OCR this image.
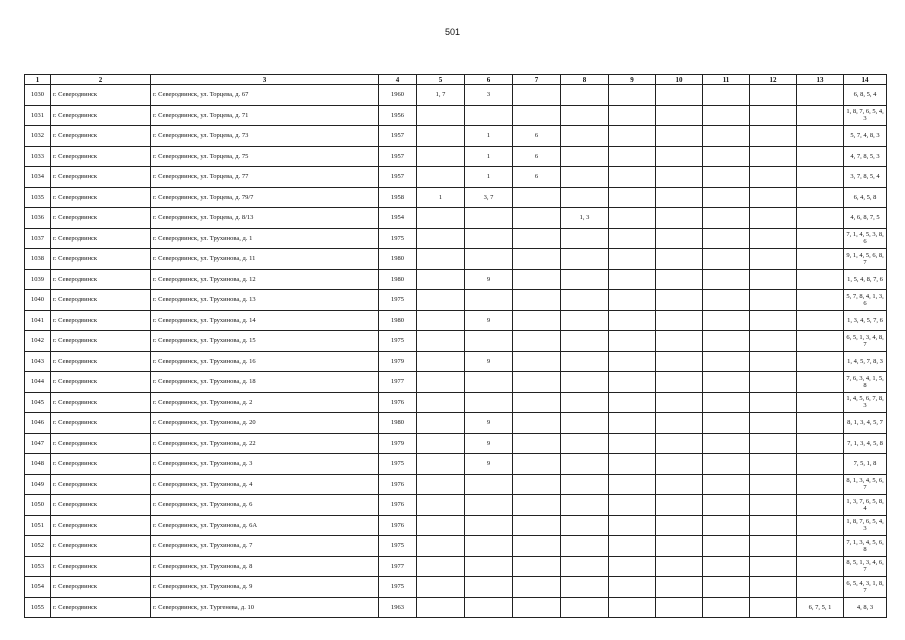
501
1	2	3	4	5	6	7	8	9	10	11	12	13	14
1030	г. Северодвинск	г. Северодвинск, ул. Торцева, д. 67	1960	1, 7	3								6, 8, 5, 4
1031	г. Северодвинск	г. Северодвинск, ул. Торцева, д. 71	1956										1, 8, 7, 6, 5, 4, 3
1032	г. Северодвинск	г. Северодвинск, ул. Торцева, д. 73	1957		1	6							5, 7, 4, 8, 3
1033	г. Северодвинск	г. Северодвинск, ул. Торцева, д. 75	1957		1	6							4, 7, 8, 5, 3
1034	г. Северодвинск	г. Северодвинск, ул. Торцева, д. 77	1957		1	6							3, 7, 8, 5, 4
1035	г. Северодвинск	г. Северодвинск, ул. Торцева, д. 79/7	1958	1	3, 7								6, 4, 5, 8
1036	г. Северодвинск	г. Северодвинск, ул. Торцева, д. 8/13	1954				1, 3						4, 6, 8, 7, 5
1037	г. Северодвинск	г. Северодвинск, ул. Трухинова, д. 1	1975										7, 1, 4, 5, 3, 8, 6
1038	г. Северодвинск	г. Северодвинск, ул. Трухинова, д. 11	1980										9, 1, 4, 5, 6, 8, 7
1039	г. Северодвинск	г. Северодвинск, ул. Трухинова, д. 12	1980		9								1, 5, 4, 8, 7, 6
1040	г. Северодвинск	г. Северодвинск, ул. Трухинова, д. 13	1975										5, 7, 8, 4, 1, 3, 6
1041	г. Северодвинск	г. Северодвинск, ул. Трухинова, д. 14	1980		9								1, 3, 4, 5, 7, 6
1042	г. Северодвинск	г. Северодвинск, ул. Трухинова, д. 15	1975										6, 5, 1, 3, 4, 8, 7
1043	г. Северодвинск	г. Северодвинск, ул. Трухинова, д. 16	1979		9								1, 4, 5, 7, 8, 3
1044	г. Северодвинск	г. Северодвинск, ул. Трухинова, д. 18	1977										7, 6, 3, 4, 1, 5, 8
1045	г. Северодвинск	г. Северодвинск, ул. Трухинова, д. 2	1976										1, 4, 5, 6, 7, 8, 3
1046	г. Северодвинск	г. Северодвинск, ул. Трухинова, д. 20	1980		9								8, 1, 3, 4, 5, 7
1047	г. Северодвинск	г. Северодвинск, ул. Трухинова, д. 22	1979		9								7, 1, 3, 4, 5, 8
1048	г. Северодвинск	г. Северодвинск, ул. Трухинова, д. 3	1975		9								7, 5, 1, 8
1049	г. Северодвинск	г. Северодвинск, ул. Трухинова, д. 4	1976										8, 1, 3, 4, 5, 6, 7
1050	г. Северодвинск	г. Северодвинск, ул. Трухинова, д. 6	1976										1, 3, 7, 6, 5, 8, 4
1051	г. Северодвинск	г. Северодвинск, ул. Трухинова, д. 6А	1976										1, 8, 7, 6, 5, 4, 3
1052	г. Северодвинск	г. Северодвинск, ул. Трухинова, д. 7	1975										7, 1, 3, 4, 5, 6, 8
1053	г. Северодвинск	г. Северодвинск, ул. Трухинова, д. 8	1977										8, 5, 1, 3, 4, 6, 7
1054	г. Северодвинск	г. Северодвинск, ул. Трухинова, д. 9	1975										6, 5, 4, 3, 1, 8, 7
1055	г. Северодвинск	г. Северодвинск, ул. Тургенева, д. 10	1963									6, 7, 5, 1	4, 8, 3
